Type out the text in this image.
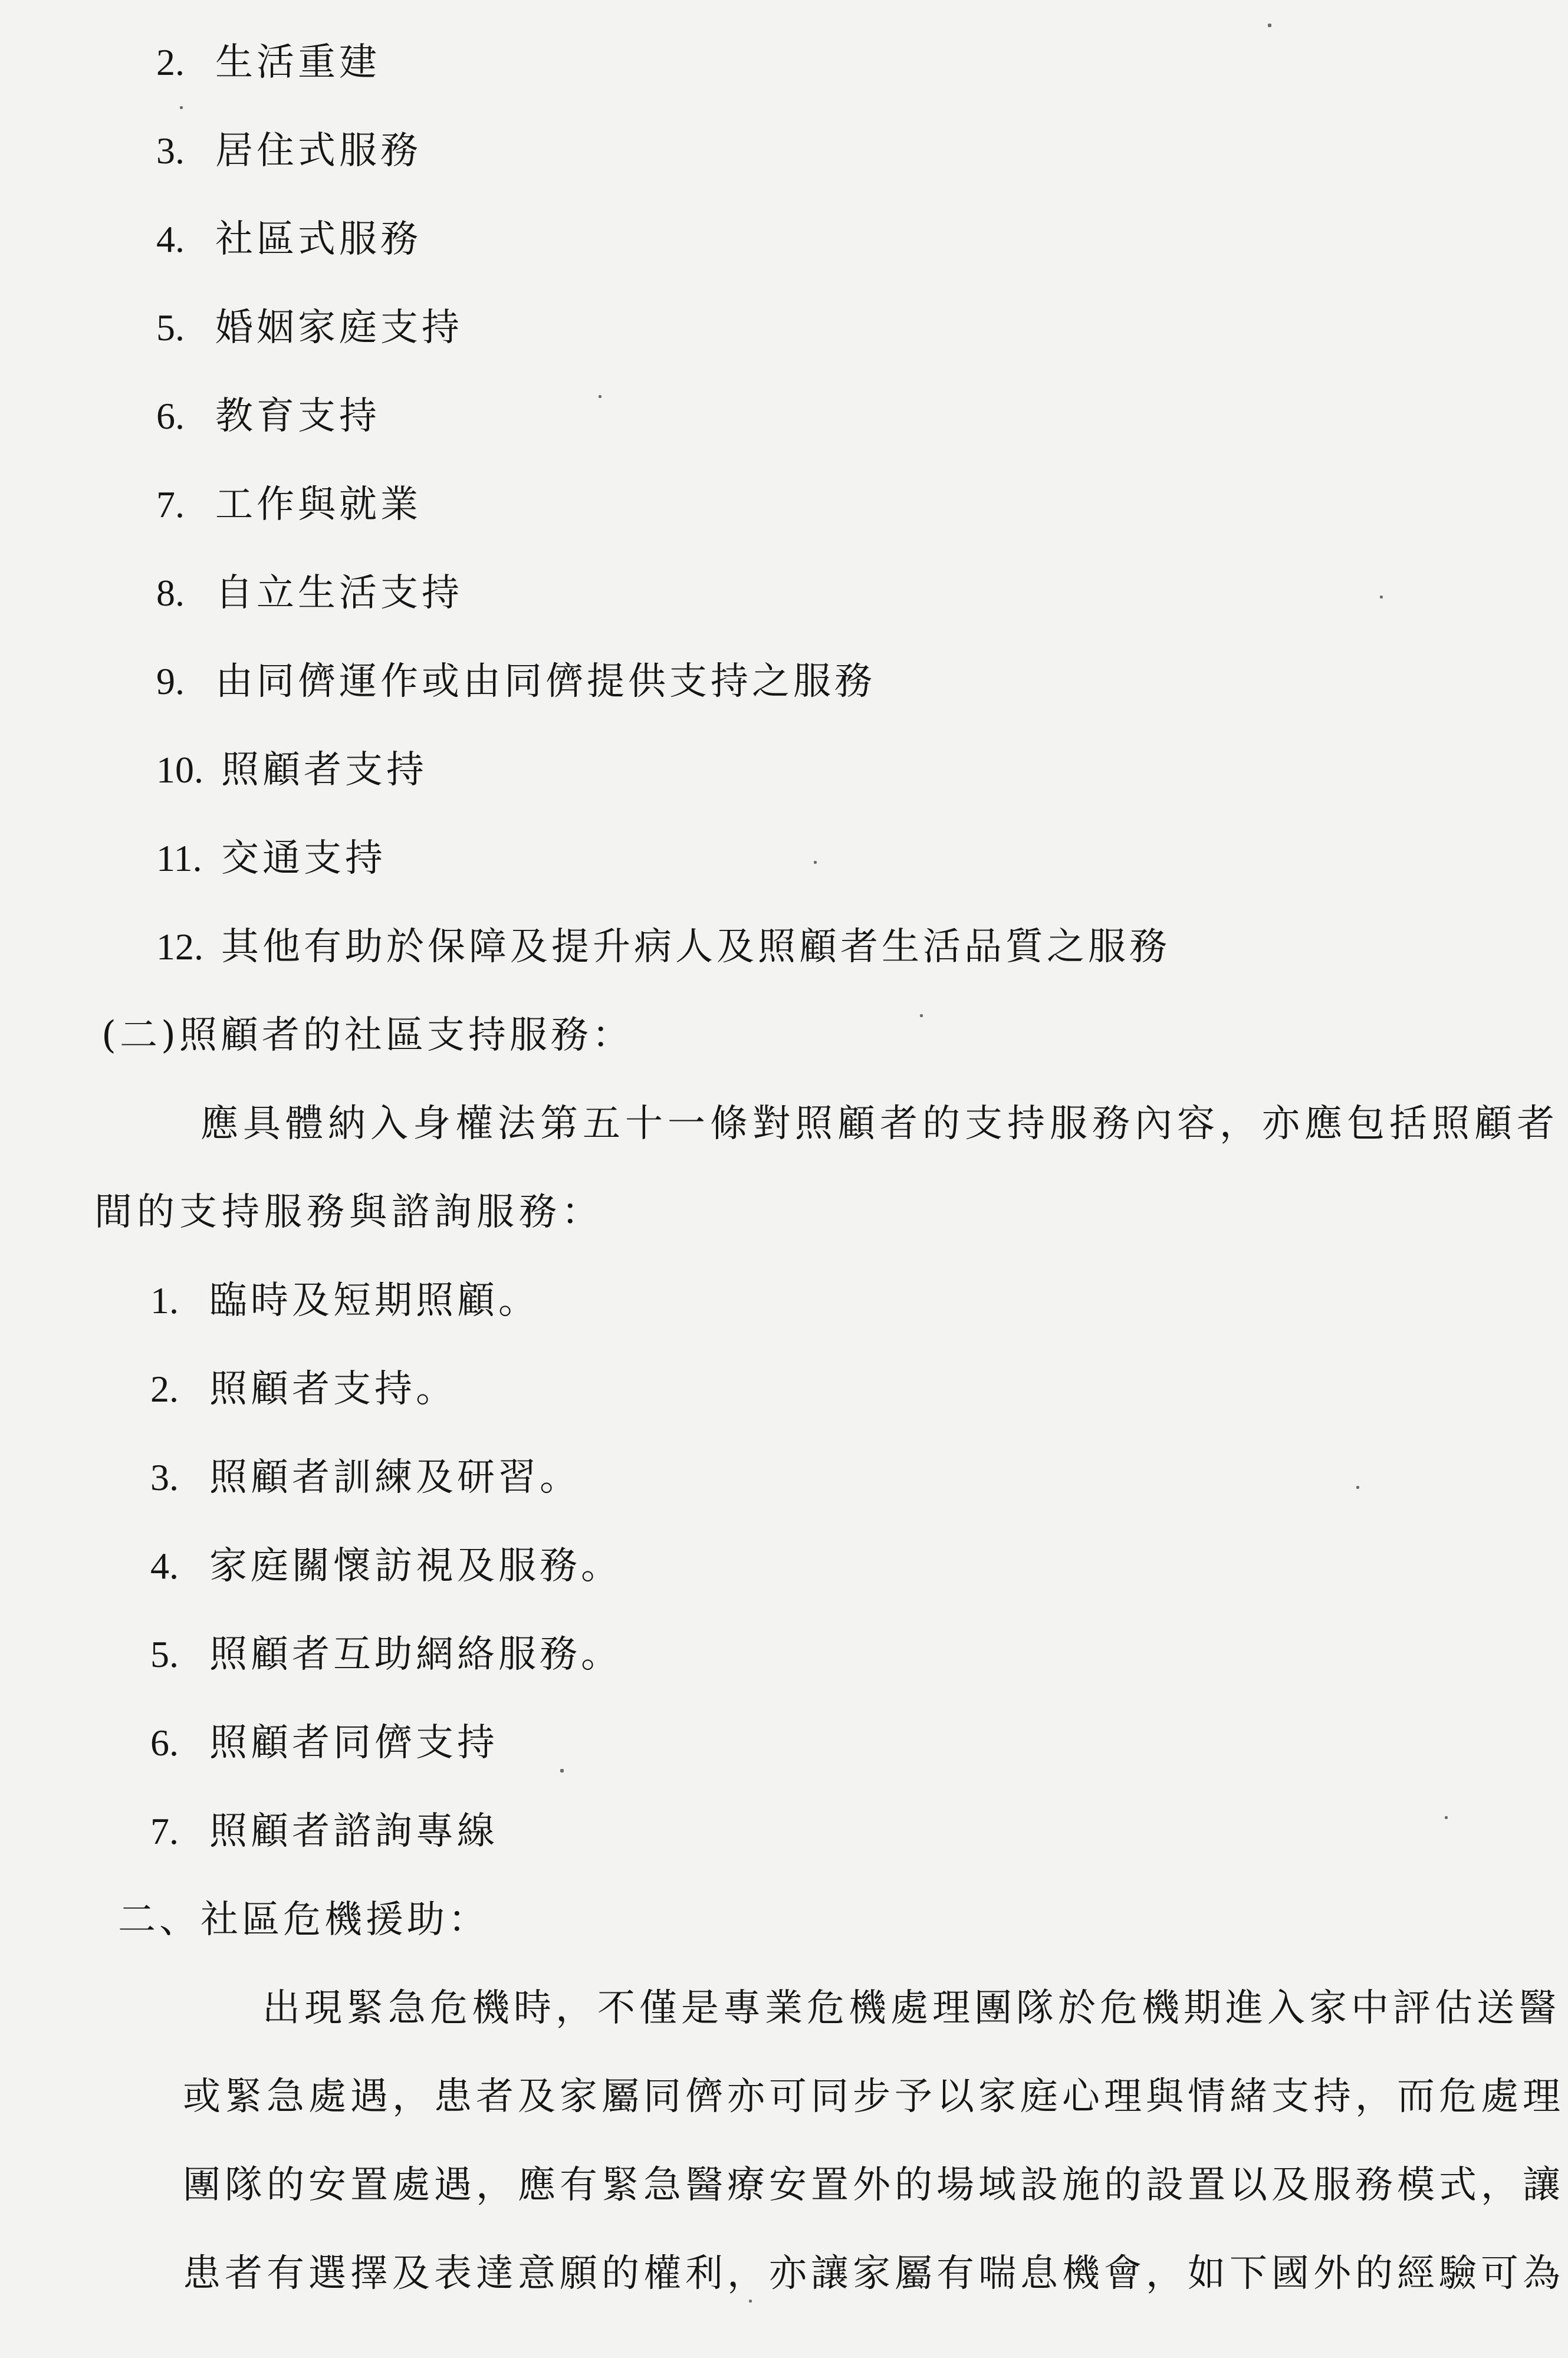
2. 生活重建
3. 居住式服務
4. 社區式服務
5. 婚姻家庭支持
6. 教育支持
7. 工作與就業
8. 自立生活支持
9. 由同儕運作或由同儕提供支持之服務
10. 照顧者支持
11. 交通支持
12. 其他有助於保障及提升病人及照顧者生活品質之服務
(二)照顧者的社區支持服務：
應具體納入身權法第五十一條對照顧者的支持服務內容，亦應包括照顧者
間的支持服務與諮詢服務：
1. 臨時及短期照顧。
2. 照顧者支持。
3. 照顧者訓練及研習。
4. 家庭關懷訪視及服務。
5. 照顧者互助網絡服務。
6. 照顧者同儕支持
7. 照顧者諮詢專線
二、社區危機援助：
出現緊急危機時，不僅是專業危機處理團隊於危機期進入家中評估送醫
或緊急處遇，患者及家屬同儕亦可同步予以家庭心理與情緒支持，而危處理
團隊的安置處遇，應有緊急醫療安置外的場域設施的設置以及服務模式，讓
患者有選擇及表達意願的權利，亦讓家屬有喘息機會，如下國外的經驗可為
